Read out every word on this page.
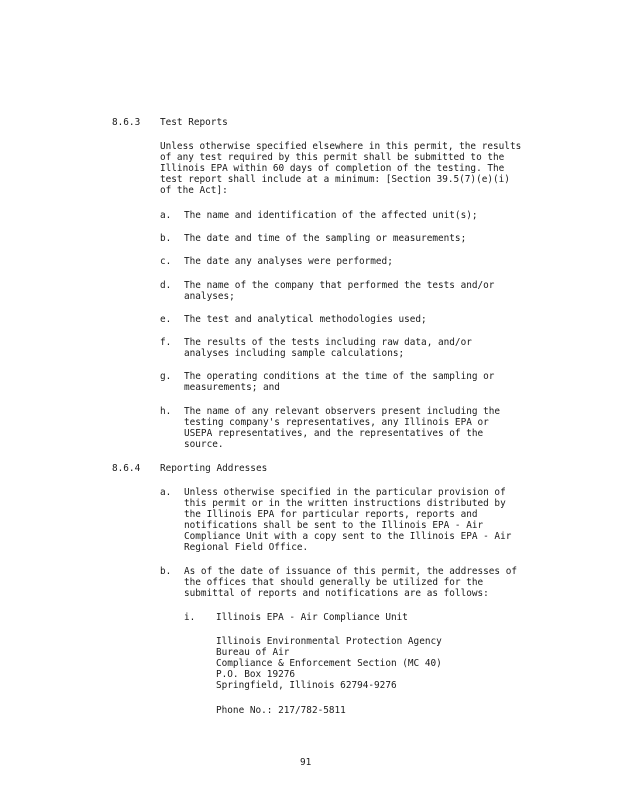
8.6.3 Test Reports

Unless otherwise specified elsewhere in this permit, the results

of any test required by this permit shall be submitted to the

Illinois EPA within 60 days of completion of the testing. The

test report shall include at a minimum: [Section 39.5(7)(e)(i)

of the Act]:

a. The name and identification of the affected unit(s);

b. The date and time of the sampling or measurements;

c. The date any analyses were performed;

d. The name of the company that performed the tests and/or

analyses;

e. The test and analytical methodologies used;

f. The results of the tests including raw data, and/or

analyses including sample calculations;

g. The operating conditions at the time of the sampling or

measurements; and

h. The name of any relevant observers present including the

testing company's representatives, any Illinois EPA or

USEPA representatives, and the representatives of the

source.

8.6.4 Reporting Addresses
a. Unless otherwise specified in the particular provision of

this permit or in the written instructions distributed by

the Illinois EPA for particular reports, reports and

notifications shall be sent to the Illinois EPA - Air

Compliance Unit with a copy sent to the Illinois EPA - Air

Regional Field Office.

b. As of the date of issuance of this permit, the addresses of

the offices that should generally be utilized for the

submittal of reports and notifications are as follows:

i. Illinois EPA - Air Compliance Unit

Illinois Environmental Protection Agency

Bureau of Air

Compliance & Enforcement Section (MC 40)

P.O. Box 19276

Springfield, Illinois 62794-9276

Phone No.: 217/782-5811

91
